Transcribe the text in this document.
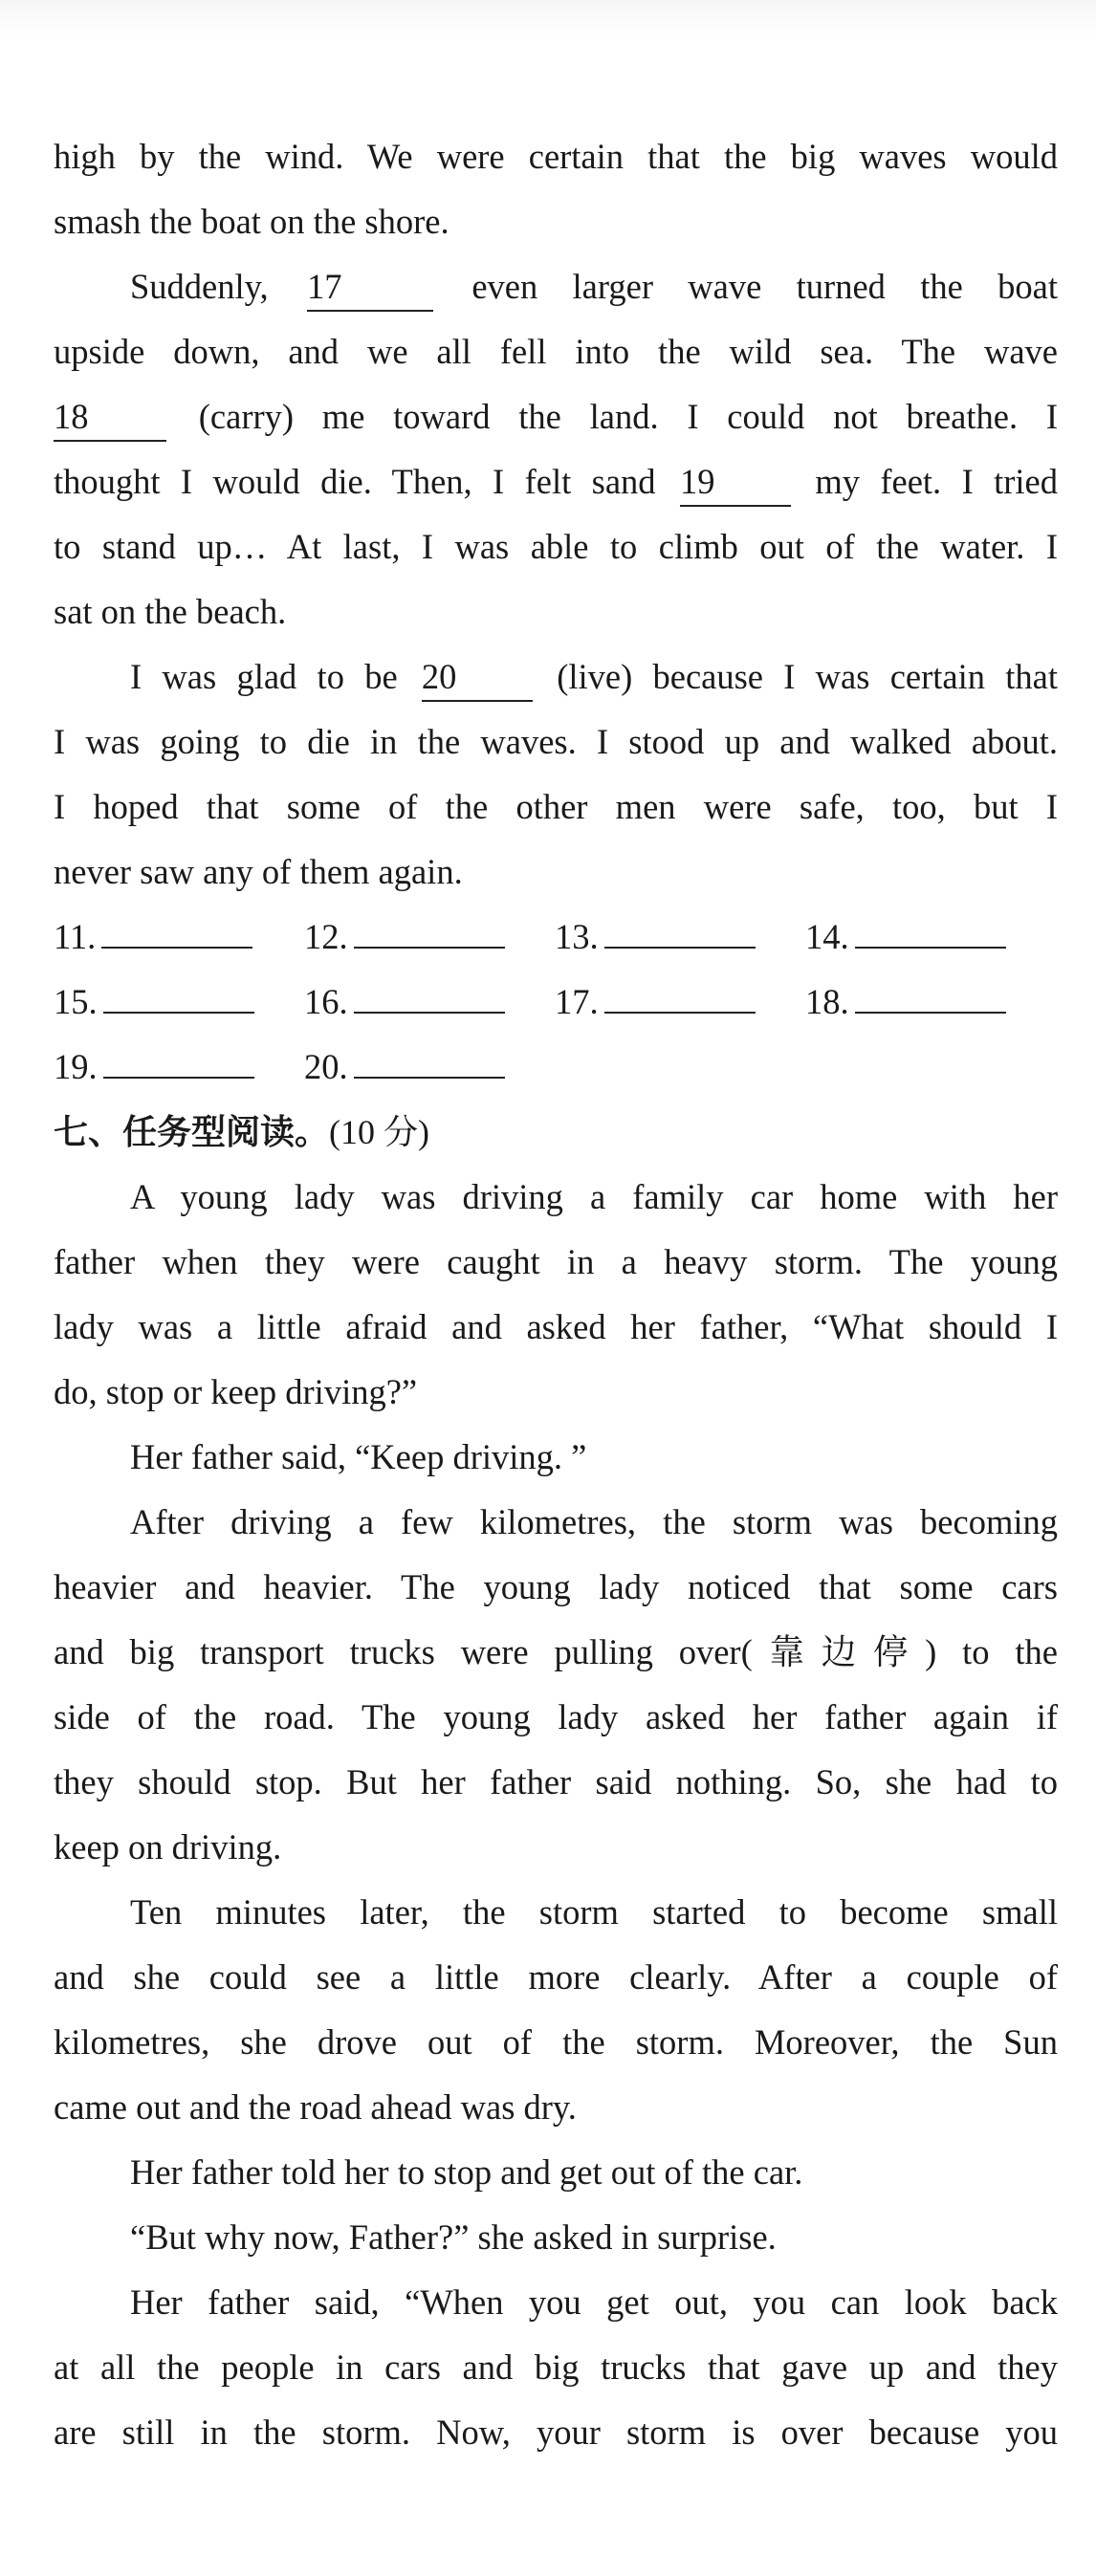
high by the wind. We were certain that the big waves would
smash the boat on the shore.
Suddenly, 17	even larger wave turned the boat
upside down, and we all fell into the wild sea. The wave
18	(carry) me toward the land. I could not breathe. I
thought I would die. Then, I felt sand 19	my feet. I tried
to stand up… At last, I was able to climb out of the water. I
sat on the beach.
I was glad to be 20	(live) because I was certain that
I was going to die in the waves. I stood up and walked about.
I hoped that some of the other men were safe, too, but I
never saw any of them again.
11.	12.	13.	14.
15.	16.	17.	18.
19.	20.
七、任务型阅读。(10 分)
A young lady was driving a family car home with her
father when they were caught in a heavy storm. The young
lady was a little afraid and asked her father, “What should I
do, stop or keep driving?”
Her father said, “Keep driving. ”
After driving a few kilometres, the storm was becoming
heavier and heavier. The young lady noticed that some cars
and big transport trucks were pulling over(靠边停) to the
side of the road. The young lady asked her father again if
they should stop. But her father said nothing. So, she had to
keep on driving.
Ten minutes later, the storm started to become small
and she could see a little more clearly. After a couple of
kilometres, she drove out of the storm. Moreover, the Sun
came out and the road ahead was dry.
Her father told her to stop and get out of the car.
“But why now, Father?” she asked in surprise.
Her father said, “When you get out, you can look back
at all the people in cars and big trucks that gave up and they
are still in the storm. Now, your storm is over because you
